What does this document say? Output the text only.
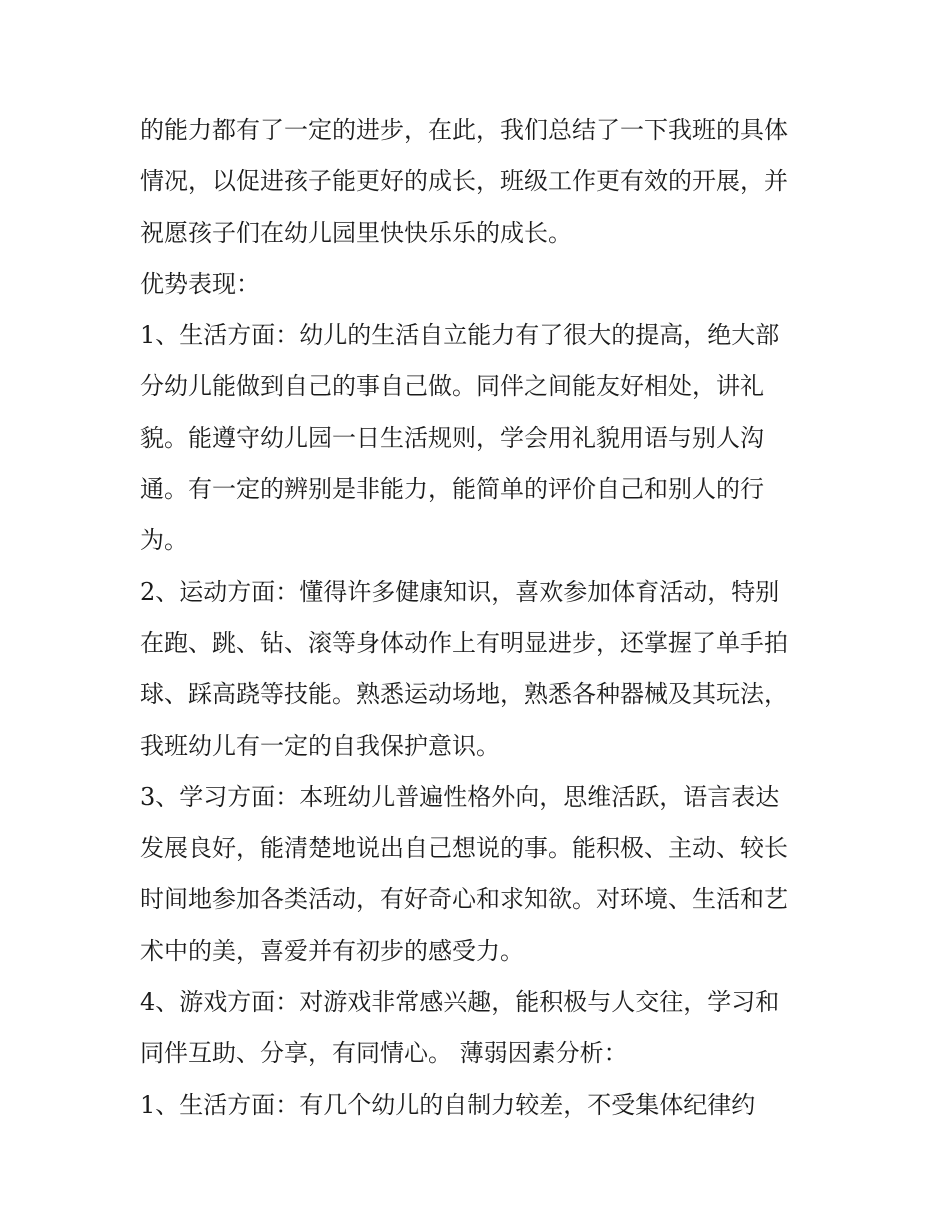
的能力都有了一定的进步，在此，我们总结了一下我班的具体
情况，以促进孩子能更好的成长，班级工作更有效的开展，并
祝愿孩子们在幼儿园里快快乐乐的成长。
优势表现：
1、生活方面：幼儿的生活自立能力有了很大的提高，绝大部
分幼儿能做到自己的事自己做。同伴之间能友好相处，讲礼
貌。能遵守幼儿园一日生活规则，学会用礼貌用语与别人沟
通。有一定的辨别是非能力，能简单的评价自己和别人的行
为。
2、运动方面：懂得许多健康知识，喜欢参加体育活动，特别
在跑、跳、钻、滚等身体动作上有明显进步，还掌握了单手拍
球、踩高跷等技能。熟悉运动场地，熟悉各种器械及其玩法，
我班幼儿有一定的自我保护意识。
3、学习方面：本班幼儿普遍性格外向，思维活跃，语言表达
发展良好，能清楚地说出自己想说的事。能积极、主动、较长
时间地参加各类活动，有好奇心和求知欲。对环境、生活和艺
术中的美，喜爱并有初步的感受力。
4、游戏方面：对游戏非常感兴趣，能积极与人交往，学习和
同伴互助、分享，有同情心。 薄弱因素分析：
1、生活方面：有几个幼儿的自制力较差，不受集体纪律约
